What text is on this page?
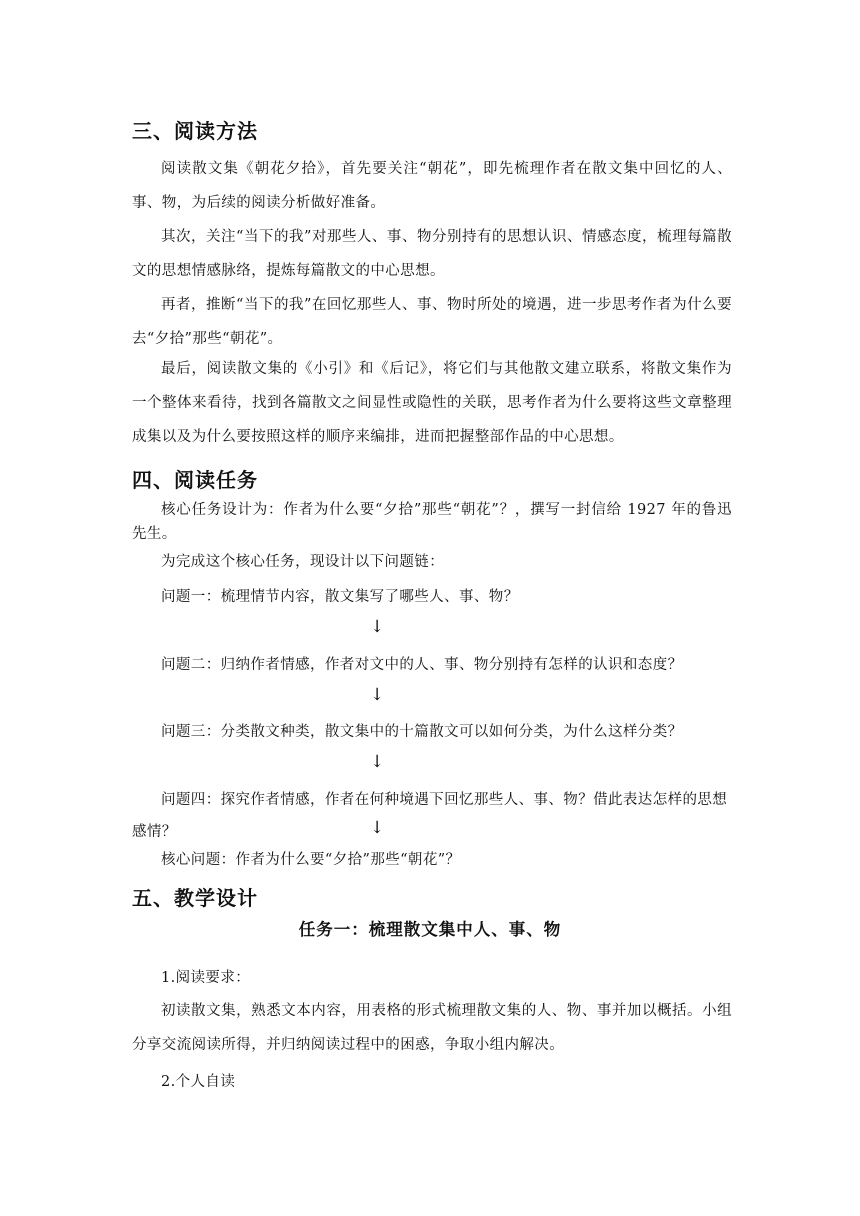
三、阅读方法
阅读散文集《朝花夕拾》，首先要关注“朝花”，即先梳理作者在散文集中回忆的人、事、物，为后续的阅读分析做好准备。
其次，关注“当下的我”对那些人、事、物分别持有的思想认识、情感态度，梳理每篇散文的思想情感脉络，提炼每篇散文的中心思想。
再者，推断“当下的我”在回忆那些人、事、物时所处的境遇，进一步思考作者为什么要去“夕拾”那些“朝花”。
最后，阅读散文集的《小引》和《后记》，将它们与其他散文建立联系，将散文集作为一个整体来看待，找到各篇散文之间显性或隐性的关联，思考作者为什么要将这些文章整理成集以及为什么要按照这样的顺序来编排，进而把握整部作品的中心思想。
四、阅读任务
核心任务设计为：作者为什么要“夕拾”那些“朝花”？，撰写一封信给 1927 年的鲁迅先生。
为完成这个核心任务，现设计以下问题链：
问题一：梳理情节内容，散文集写了哪些人、事、物？
↓
问题二：归纳作者情感，作者对文中的人、事、物分别持有怎样的认识和态度？
↓
问题三：分类散文种类，散文集中的十篇散文可以如何分类，为什么这样分类？
↓
问题四：探究作者情感，作者在何种境遇下回忆那些人、事、物？借此表达怎样的思想
感情？	↓
核心问题：作者为什么要“夕拾”那些“朝花”？
五、教学设计
任务一：梳理散文集中人、事、物
1.阅读要求：
初读散文集，熟悉文本内容，用表格的形式梳理散文集的人、物、事并加以概括。小组分享交流阅读所得，并归纳阅读过程中的困惑，争取小组内解决。
2.个人自读
